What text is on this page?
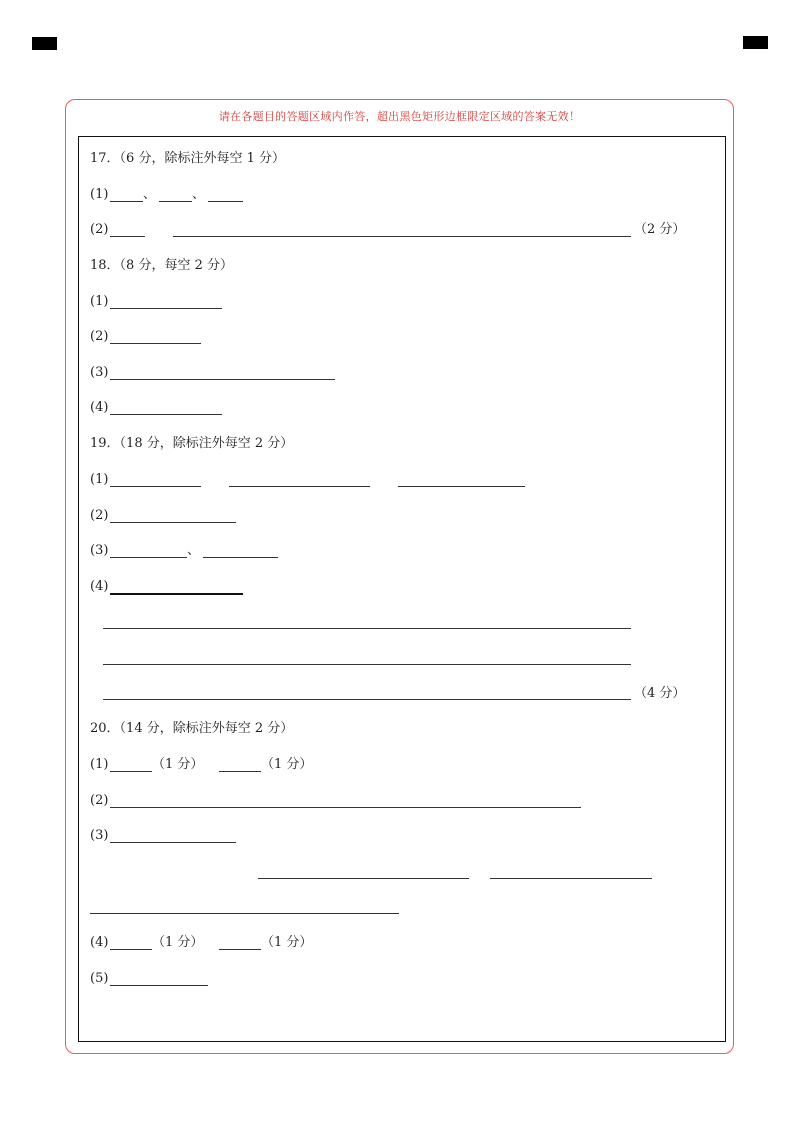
请在各题目的答题区域内作答，超出黑色矩形边框限定区域的答案无效！
17．（6 分，除标注外每空 1 分）
(1)	、	、
(2)	（2 分）
18．（8 分，每空 2 分）
(1)
(2)
(3)
(4)
19．（18 分，除标注外每空 2 分）
(1)
(2)
(3)	、
(4)
（4 分）
20．（14 分，除标注外每空 2 分）
(1)	（1 分）	（1 分）
(2)
(3)
(4)	（1 分）	（1 分）
(5)
